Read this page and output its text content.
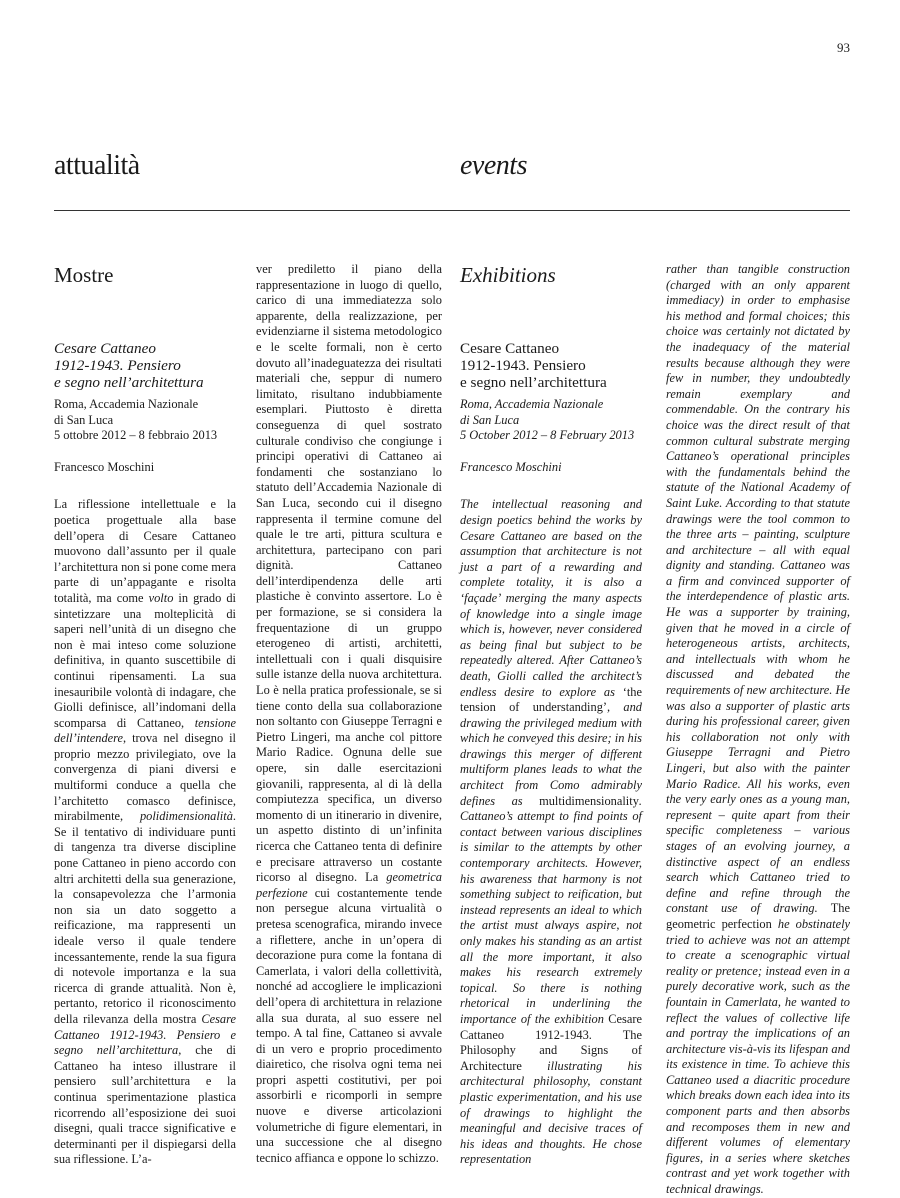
93
attualità	events
Mostre
Cesare Cattaneo
1912-1943. Pensiero
e segno nell’architettura
Roma, Accademia Nazionale
di San Luca
5 ottobre 2012 – 8 febbraio 2013
Francesco Moschini

La riflessione intellettuale e la poetica progettuale alla base dell’opera di Cesare Cattaneo muovono dall’assunto per il quale l’architettura non si pone come mera parte di un’appagante e risolta totalità, ma come volto in grado di sintetizzare una molteplicità di saperi nell’unità di un disegno che non è mai inteso come soluzione definitiva, in quanto suscettibile di continui ripensamenti. La sua inesauribile volontà di indagare, che Giolli definisce, all’indomani della scomparsa di Cattaneo, tensione dell’intendere, trova nel disegno il proprio mezzo privilegiato, ove la convergenza di piani diversi e multiformi conduce a quella che l’architetto comasco definisce, mirabilmente, polidimensionalità. Se il tentativo di individuare punti di tangenza tra diverse discipline pone Cattaneo in pieno accordo con altri architetti della sua generazione, la consapevolezza che l’armonia non sia un dato soggetto a reificazione, ma rappresenti un ideale verso il quale tendere incessantemente, rende la sua figura di notevole importanza e la sua ricerca di grande attualità. Non è, pertanto, retorico il riconoscimento della rilevanza della mostra Cesare Cattaneo 1912-1943. Pensiero e segno nell’architettura, che di Cattaneo ha inteso illustrare il pensiero sull’architettura e la continua sperimentazione plastica ricorrendo all’esposizione dei suoi disegni, quali tracce significative e determinanti per il dispiegarsi della sua riflessione. L’a-

ver prediletto il piano della rappresentazione in luogo di quello, carico di una immediatezza solo apparente, della realizzazione, per evidenziarne il sistema metodologico e le scelte formali, non è certo dovuto all’inadeguatezza dei risultati materiali che, seppur di numero limitato, risultano indubbiamente esemplari. Piuttosto è diretta conseguenza di quel sostrato culturale condiviso che congiunge i principi operativi di Cattaneo ai fondamenti che sostanziano lo statuto dell’Accademia Nazionale di San Luca, secondo cui il disegno rappresenta il termine comune del quale le tre arti, pittura scultura e architettura, partecipano con pari dignità. Cattaneo dell’interdipendenza delle arti plastiche è convinto assertore. Lo è per formazione, se si considera la frequentazione di un gruppo eterogeneo di artisti, architetti, intellettuali con i quali disquisire sulle istanze della nuova architettura. Lo è nella pratica professionale, se si tiene conto della sua collaborazione non soltanto con Giuseppe Terragni e Pietro Lingeri, ma anche col pittore Mario Radice. Ognuna delle sue opere, sin dalle esercitazioni giovanili, rappresenta, al di là della compiutezza specifica, un diverso momento di un itinerario in divenire, un aspetto distinto di un’infinita ricerca che Cattaneo tenta di definire e precisare attraverso un costante ricorso al disegno. La geometrica perfezione cui costantemente tende non persegue alcuna virtualità o pretesa scenografica, mirando invece a riflettere, anche in un’opera di decorazione pura come la fontana di Camerlata, i valori della collettività, nonché ad accogliere le implicazioni dell’opera di architettura in relazione alla sua durata, al suo essere nel tempo. A tal fine, Cattaneo si avvale di un vero e proprio procedimento diairetico, che risolva ogni tema nei propri aspetti costitutivi, per poi assorbirli e ricomporli in sempre nuove e diverse articolazioni volumetriche di figure elementari, in una successione che al disegno tecnico affianca e oppone lo schizzo.

Exhibitions
Cesare Cattaneo
1912-1943. Pensiero
e segno nell’architettura
Roma, Accademia Nazionale
di San Luca
5 October 2012 – 8 February 2013
Francesco Moschini

The intellectual reasoning and design poetics behind the works by Cesare Cattaneo are based on the assumption that architecture is not just a part of a rewarding and complete totality, it is also a ‘façade’ merging the many aspects of knowledge into a single image which is, however, never considered as being final but subject to be repeatedly altered. After Cattaneo’s death, Giolli called the architect’s endless desire to explore as ‘the tension of understanding’, and drawing the privileged medium with which he conveyed this desire; in his drawings this merger of different multiform planes leads to what the architect from Como admirably defines as multidimensionality. Cattaneo’s attempt to find points of contact between various disciplines is similar to the attempts by other contemporary architects. However, his awareness that harmony is not something subject to reification, but instead represents an ideal to which the artist must always aspire, not only makes his standing as an artist all the more important, it also makes his research extremely topical. So there is nothing rhetorical in underlining the importance of the exhibition Cesare Cattaneo 1912-1943. The Philosophy and Signs of Architecture illustrating his architectural philosophy, constant plastic experimentation, and his use of drawings to highlight the meaningful and decisive traces of his ideas and thoughts. He chose representation

rather than tangible construction (charged with an only apparent immediacy) in order to emphasise his method and formal choices; this choice was certainly not dictated by the inadequacy of the material results because although they were few in number, they undoubtedly remain exemplary and commendable. On the contrary his choice was the direct result of that common cultural substrate merging Cattaneo’s operational principles with the fundamentals behind the statute of the National Academy of Saint Luke. According to that statute drawings were the tool common to the three arts – painting, sculpture and architecture – all with equal dignity and standing. Cattaneo was a firm and convinced supporter of the interdependence of plastic arts. He was a supporter by training, given that he moved in a circle of heterogeneous artists, architects, and intellectuals with whom he discussed and debated the requirements of new architecture. He was also a supporter of plastic arts during his professional career, given his collaboration not only with Giuseppe Terragni and Pietro Lingeri, but also with the painter Mario Radice. All his works, even the very early ones as a young man, represent – quite apart from their specific completeness – various stages of an evolving journey, a distinctive aspect of an endless search which Cattaneo tried to define and refine through the constant use of drawing. The geometric perfection he obstinately tried to achieve was not an attempt to create a scenographic virtual reality or pretence; instead even in a purely decorative work, such as the fountain in Camerlata, he wanted to reflect the values of collective life and portray the implications of an architecture vis-à-vis its lifespan and its existence in time. To achieve this Cattaneo used a diacritic procedure which breaks down each idea into its component parts and then absorbs and recomposes them in new and different volumes of elementary figures, in a series where sketches contrast and yet work together with technical drawings.
